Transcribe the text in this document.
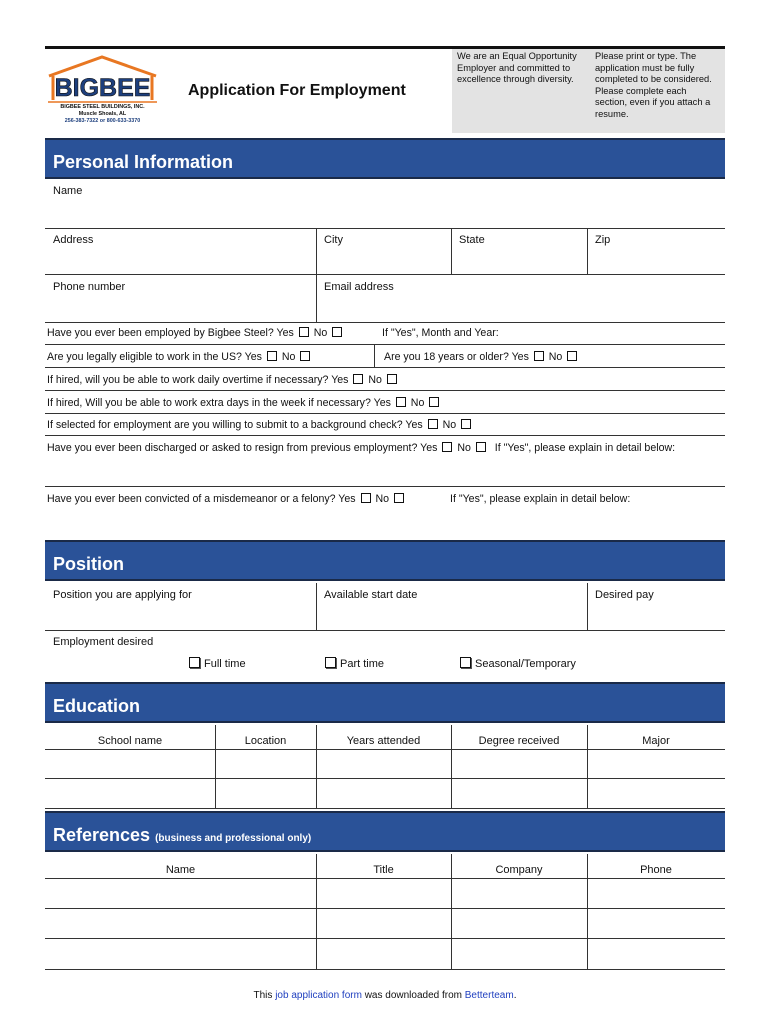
BIGBEE
BIGBEE STEEL BUILDINGS, INC.
Muscle Shoals, AL
256-383-7322 or 800-633-3370
Application For Employment
We are an Equal Opportunity Employer and committed to excellence through diversity.
Please print or type. The application must be fully completed to be considered. Please complete each section, even if you attach a resume.
Personal Information
Name
Address	City	State	Zip
Phone number	Email address
Have you ever been employed by Bigbee Steel? Yes No	If "Yes", Month and Year:
Are you legally eligible to work in the US? Yes No	Are you 18 years or older? Yes No
If hired, will you be able to work daily overtime if necessary? Yes No
If hired, Will you be able to work extra days in the week if necessary? Yes No
If selected for employment are you willing to submit to a background check? Yes No
Have you ever been discharged or asked to resign from previous employment? Yes No If "Yes", please explain in detail below:
Have you ever been convicted of a misdemeanor or a felony? Yes No	If "Yes", please explain in detail below:
Position
Position you are applying for	Available start date	Desired pay
Employment desired
Full time	Part time	Seasonal/Temporary
Education
School name	Location	Years attended	Degree received	Major
References (business and professional only)
Name	Title	Company	Phone
This job application form was downloaded from Betterteam.
